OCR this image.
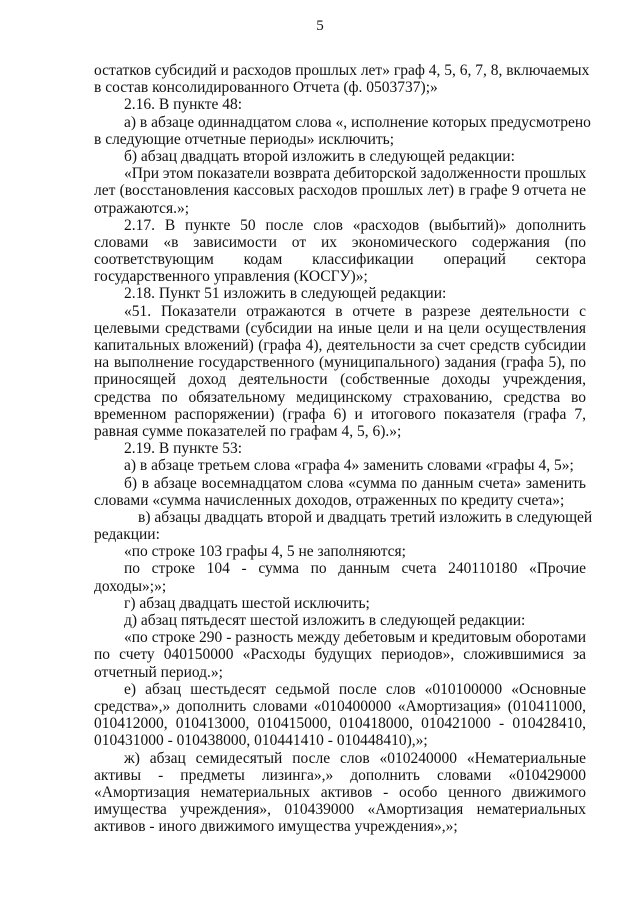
5
остатков субсидий и расходов прошлых лет» граф 4, 5, 6, 7, 8, включаемых
в состав консолидированного Отчета (ф. 0503737);»
2.16. В пункте 48:
а) в абзаце одиннадцатом слова «, исполнение которых предусмотрено
в следующие отчетные периоды» исключить;
б) абзац двадцать второй изложить в следующей редакции:
«При этом показатели возврата дебиторской задолженности прошлых
лет (восстановления кассовых расходов прошлых лет) в графе 9 отчета не
отражаются.»;
2.17. В пункте 50 после слов «расходов (выбытий)» дополнить
словами «в зависимости от их экономического содержания (по
соответствующим кодам классификации операций сектора
государственного управления (КОСГУ)»;
2.18. Пункт 51 изложить в следующей редакции:
«51. Показатели отражаются в отчете в разрезе деятельности с
целевыми средствами (субсидии на иные цели и на цели осуществления
капитальных вложений) (графа 4), деятельности за счет средств субсидии
на выполнение государственного (муниципального) задания (графа 5), по
приносящей доход деятельности (собственные доходы учреждения,
средства по обязательному медицинскому страхованию, средства во
временном распоряжении) (графа 6) и итогового показателя (графа 7,
равная сумме показателей по графам 4, 5, 6).»;
2.19. В пункте 53:
а) в абзаце третьем слова «графа 4» заменить словами «графы 4, 5»;
б) в абзаце восемнадцатом слова «сумма по данным счета» заменить
словами «сумма начисленных доходов, отраженных по кредиту счета»;
в) абзацы двадцать второй и двадцать третий изложить в следующей
редакции:
«по строке 103 графы 4, 5 не заполняются;
по строке 104 - сумма по данным счета 240110180 «Прочие
доходы»;»;
г) абзац двадцать шестой исключить;
д) абзац пятьдесят шестой изложить в следующей редакции:
«по строке 290 - разность между дебетовым и кредитовым оборотами
по счету 040150000 «Расходы будущих периодов», сложившимися за
отчетный период.»;
е) абзац шестьдесят седьмой после слов «010100000 «Основные
средства»,» дополнить словами «010400000 «Амортизация» (010411000,
010412000, 010413000, 010415000, 010418000, 010421000 - 010428410,
010431000 - 010438000, 010441410 - 010448410),»;
ж) абзац семидесятый после слов «010240000 «Нематериальные
активы - предметы лизинга»,» дополнить словами «010429000
«Амортизация нематериальных активов - особо ценного движимого
имущества учреждения», 010439000 «Амортизация нематериальных
активов - иного движимого имущества учреждения»,»;
